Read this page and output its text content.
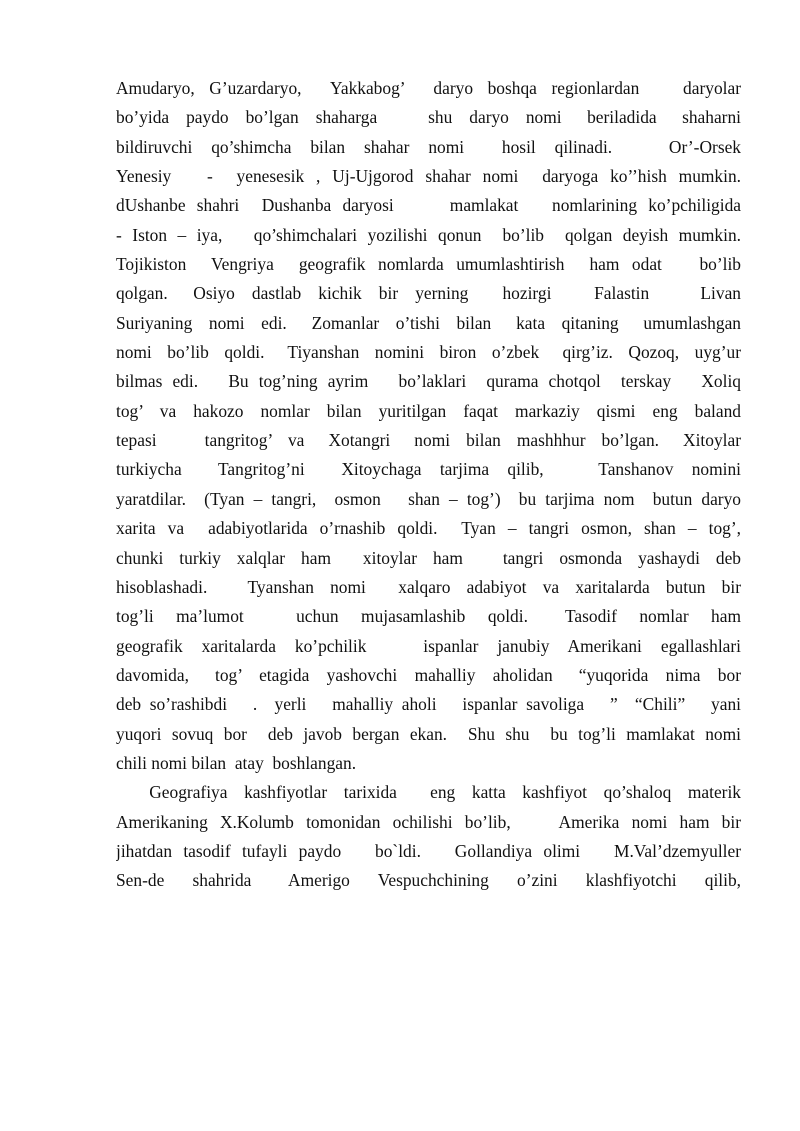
Amudaryo, G’uzardaryo,  Yakkabog’  daryo boshqa regionlardan   daryolar
bo’yida  paydo  bo’lgan  shaharga      shu  daryo  nomi   beriladida   shaharni
bildiruvchi  qo’shimcha  bilan  shahar  nomi    hosil  qilinadi.      Or’-Orsek
Yenesiy   -  yenesesik , Uj-Ujgorod shahar nomi  daryoga ko’’hish mumkin.
dUshanbe shahri  Dushanba daryosi     mamlakat   nomlarining ko’pchiligida
- Iston – iya,   qo’shimchalari yozilishi qonun  bo’lib  qolgan deyish mumkin.
Tojikiston  Vengriya  geografik nomlarda umumlashtirish  ham odat   bo’lib
qolgan.   Osiyo  dastlab  kichik  bir  yerning    hozirgi     Falastin      Livan
Suriyaning  nomi  edi.   Zomanlar  o’tishi  bilan   kata  qitaning   umumlashgan
nomi  bo’lib  qoldi.   Tiyanshan  nomini  biron  o’zbek   qirg’iz.  Qozoq,  uyg’ur
bilmas edi.   Bu tog’ning ayrim   bo’laklari  qurama chotqol  terskay   Xoliq
tog’  va  hakozo  nomlar  bilan  yuritilgan  faqat  markaziy  qismi  eng  baland
tepasi      tangritog’  va   Xotangri   nomi  bilan  mashhhur  bo’lgan.   Xitoylar
turkiycha    Tangritog’ni    Xitoychaga  tarjima  qilib,      Tanshanov  nomini
yaratdilar.  (Tyan – tangri,  osmon   shan – tog’)  bu tarjima nom  butun daryo
xarita va  adabiyotlarida o’rnashib qoldi.  Tyan – tangri osmon, shan – tog’,
chunki  turkiy  xalqlar  ham    xitoylar  ham     tangri  osmonda  yashaydi  deb
hisoblashadi.     Tyanshan  nomi    xalqaro  adabiyot  va  xaritalarda  butun  bir
tog’li   ma’lumot       uchun   mujasamlashib   qoldi.     Tasodif   nomlar   ham
geografik  xaritalarda  ko’pchilik      ispanlar  janubiy  Amerikani  egallashlari
davomida,   tog’  etagida  yashovchi  mahalliy  aholidan   “yuqorida  nima  bor
deb so’rashibdi   .  yerli   mahalliy aholi   ispanlar savoliga   ”  “Chili”   yani
yuqori sovuq bor  deb javob bergan ekan.  Shu shu  bu tog’li mamlakat nomi
chili nomi bilan  atay  boshlangan.
Geografiya  kashfiyotlar  tarixida    eng  katta  kashfiyot  qo’shaloq  materik
Amerikaning X.Kolumb tomonidan ochilishi bo’lib,    Amerika nomi ham bir
jihatdan tasodif tufayli paydo   bo`ldi.   Gollandiya olimi   M.Val’dzemyuller
Sen-de   shahrida    Amerigo   Vespuchchining   o’zini   klashfiyotchi   qilib,
